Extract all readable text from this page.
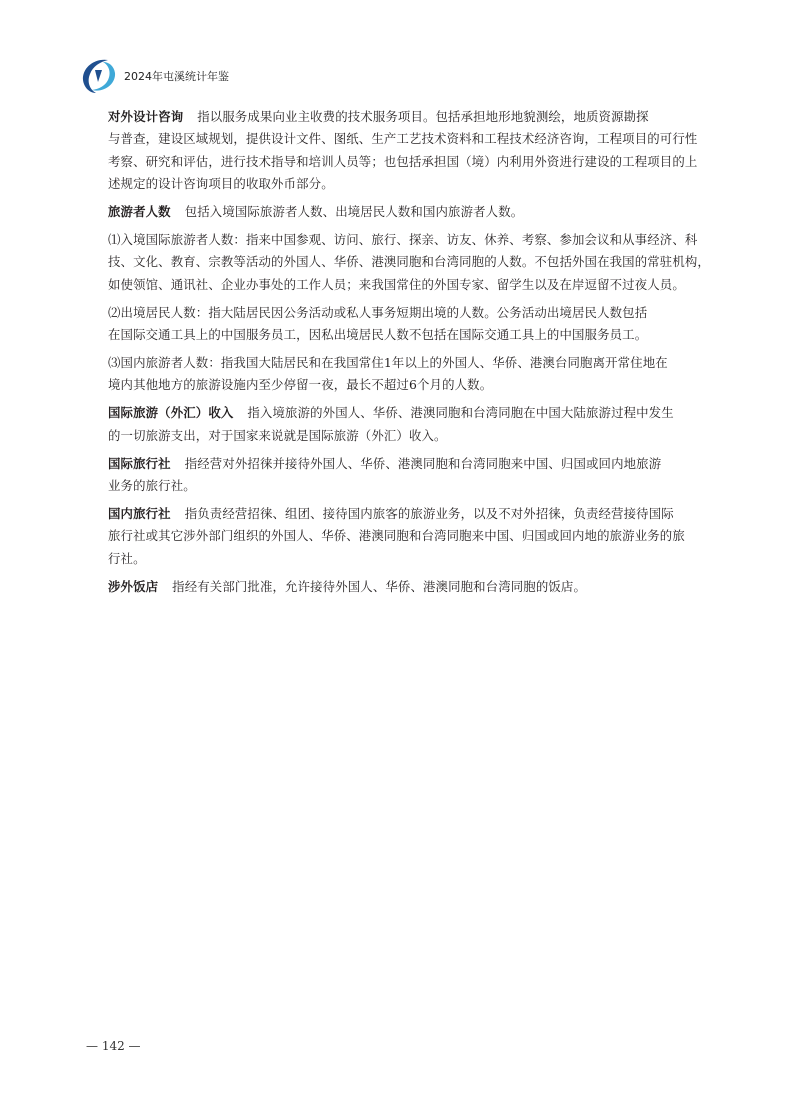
2024年屯溪统计年鉴

对外设计咨询 指以服务成果向业主收费的技术服务项目。包括承担地形地貌测绘，地质资源勘探
与普查，建设区域规划，提供设计文件、图纸、生产工艺技术资料和工程技术经济咨询，工程项目的可行性
考察、研究和评估，进行技术指导和培训人员等；也包括承担国（境）内利用外资进行建设的工程项目的上
述规定的设计咨询项目的收取外币部分。

旅游者人数 包括入境国际旅游者人数、出境居民人数和国内旅游者人数。

⑴入境国际旅游者人数：指来中国参观、访问、旅行、探亲、访友、休养、考察、参加会议和从事经济、科
技、文化、教育、宗教等活动的外国人、华侨、港澳同胞和台湾同胞的人数。不包括外国在我国的常驻机构，
如使领馆、通讯社、企业办事处的工作人员；来我国常住的外国专家、留学生以及在岸逗留不过夜人员。

⑵出境居民人数：指大陆居民因公务活动或私人事务短期出境的人数。公务活动出境居民人数包括
在国际交通工具上的中国服务员工，因私出境居民人数不包括在国际交通工具上的中国服务员工。

⑶国内旅游者人数：指我国大陆居民和在我国常住1年以上的外国人、华侨、港澳台同胞离开常住地在
境内其他地方的旅游设施内至少停留一夜，最长不超过6个月的人数。

国际旅游（外汇）收入 指入境旅游的外国人、华侨、港澳同胞和台湾同胞在中国大陆旅游过程中发生
的一切旅游支出，对于国家来说就是国际旅游（外汇）收入。

国际旅行社 指经营对外招徕并接待外国人、华侨、港澳同胞和台湾同胞来中国、归国或回内地旅游
业务的旅行社。

国内旅行社 指负责经营招徕、组团、接待国内旅客的旅游业务，以及不对外招徕，负责经营接待国际
旅行社或其它涉外部门组织的外国人、华侨、港澳同胞和台湾同胞来中国、归国或回内地的旅游业务的旅
行社。

涉外饭店 指经有关部门批准，允许接待外国人、华侨、港澳同胞和台湾同胞的饭店。

— 142 —
